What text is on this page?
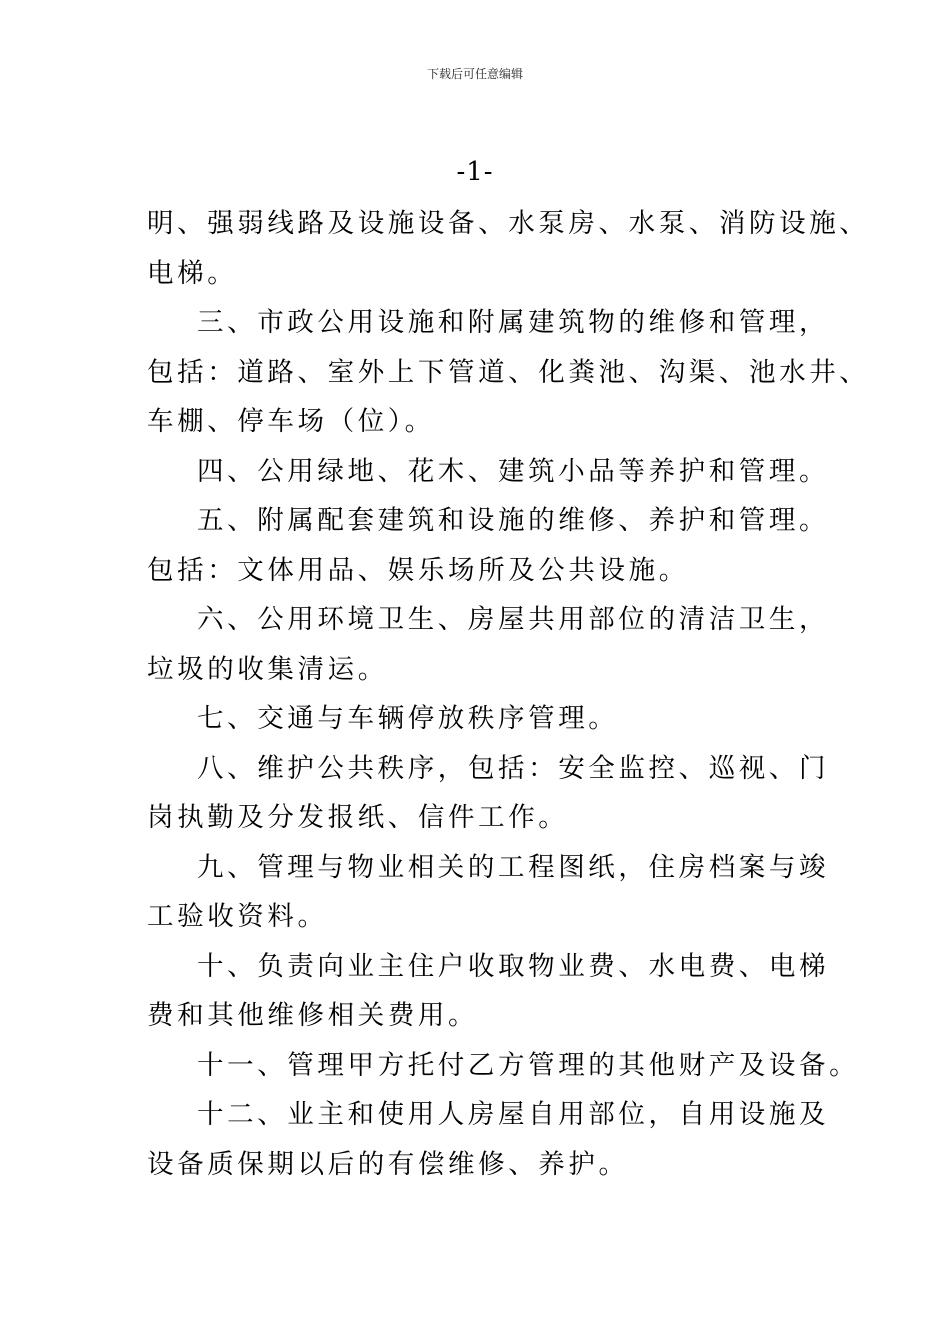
下载后可任意编辑
-1-

明、强弱线路及设施设备、水泵房、水泵、消防设施、
电梯。

三、市政公用设施和附属建筑物的维修和管理，
包括：道路、室外上下管道、化粪池、沟渠、池水井、
车棚、停车场（位）。

四、公用绿地、花木、建筑小品等养护和管理。

五、附属配套建筑和设施的维修、养护和管理。
包括：文体用品、娱乐场所及公共设施。

六、公用环境卫生、房屋共用部位的清洁卫生，
垃圾的收集清运。

七、交通与车辆停放秩序管理。

八、维护公共秩序，包括：安全监控、巡视、门
岗执勤及分发报纸、信件工作。

九、管理与物业相关的工程图纸，住房档案与竣
工验收资料。

十、负责向业主住户收取物业费、水电费、电梯
费和其他维修相关费用。

十一、管理甲方托付乙方管理的其他财产及设备。

十二、业主和使用人房屋自用部位，自用设施及
设备质保期以后的有偿维修、养护。
